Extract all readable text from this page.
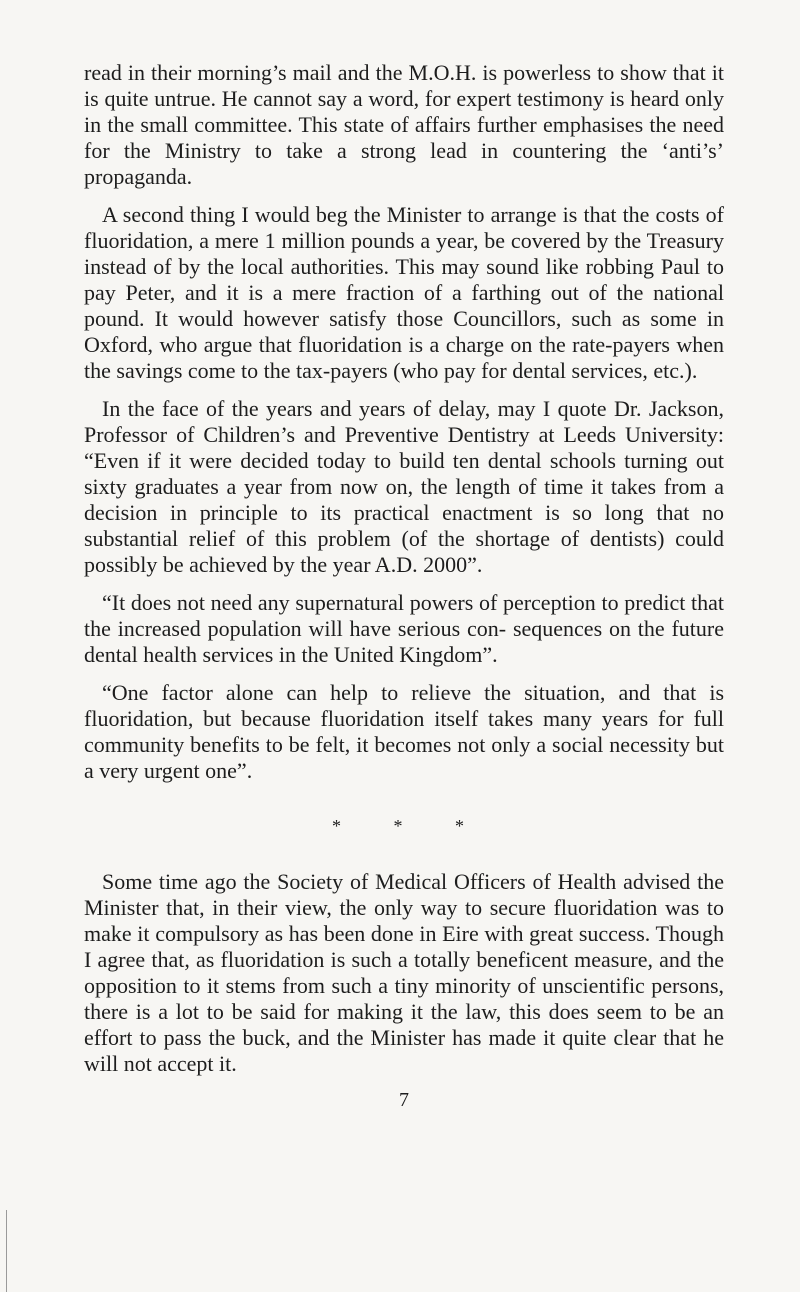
read in their morning’s mail and the M.O.H. is powerless to show that it is quite untrue. He cannot say a word, for expert testimony is heard only in the small committee. This state of affairs further emphasises the need for the Ministry to take a strong lead in countering the ‘anti’s’ propaganda.

A second thing I would beg the Minister to arrange is that the costs of fluoridation, a mere 1 million pounds a year, be covered by the Treasury instead of by the local authorities. This may sound like robbing Paul to pay Peter, and it is a mere fraction of a farthing out of the national pound. It would however satisfy those Councillors, such as some in Oxford, who argue that fluoridation is a charge on the rate-payers when the savings come to the tax-payers (who pay for dental services, etc.).

In the face of the years and years of delay, may I quote Dr. Jackson, Professor of Children’s and Preventive Dentistry at Leeds University: “Even if it were decided today to build ten dental schools turning out sixty graduates a year from now on, the length of time it takes from a decision in principle to its practical enactment is so long that no substantial relief of this problem (of the shortage of dentists) could possibly be achieved by the year A.D. 2000”.

“It does not need any supernatural powers of perception to predict that the increased population will have serious con- sequences on the future dental health services in the United Kingdom”.

“One factor alone can help to relieve the situation, and that is fluoridation, but because fluoridation itself takes many years for full community benefits to be felt, it becomes not only a social necessity but a very urgent one”.

* * *

Some time ago the Society of Medical Officers of Health advised the Minister that, in their view, the only way to secure fluoridation was to make it compulsory as has been done in Eire with great success. Though I agree that, as fluoridation is such a totally beneficent measure, and the opposition to it stems from such a tiny minority of unscientific persons, there is a lot to be said for making it the law, this does seem to be an effort to pass the buck, and the Minister has made it quite clear that he will not accept it.

7
